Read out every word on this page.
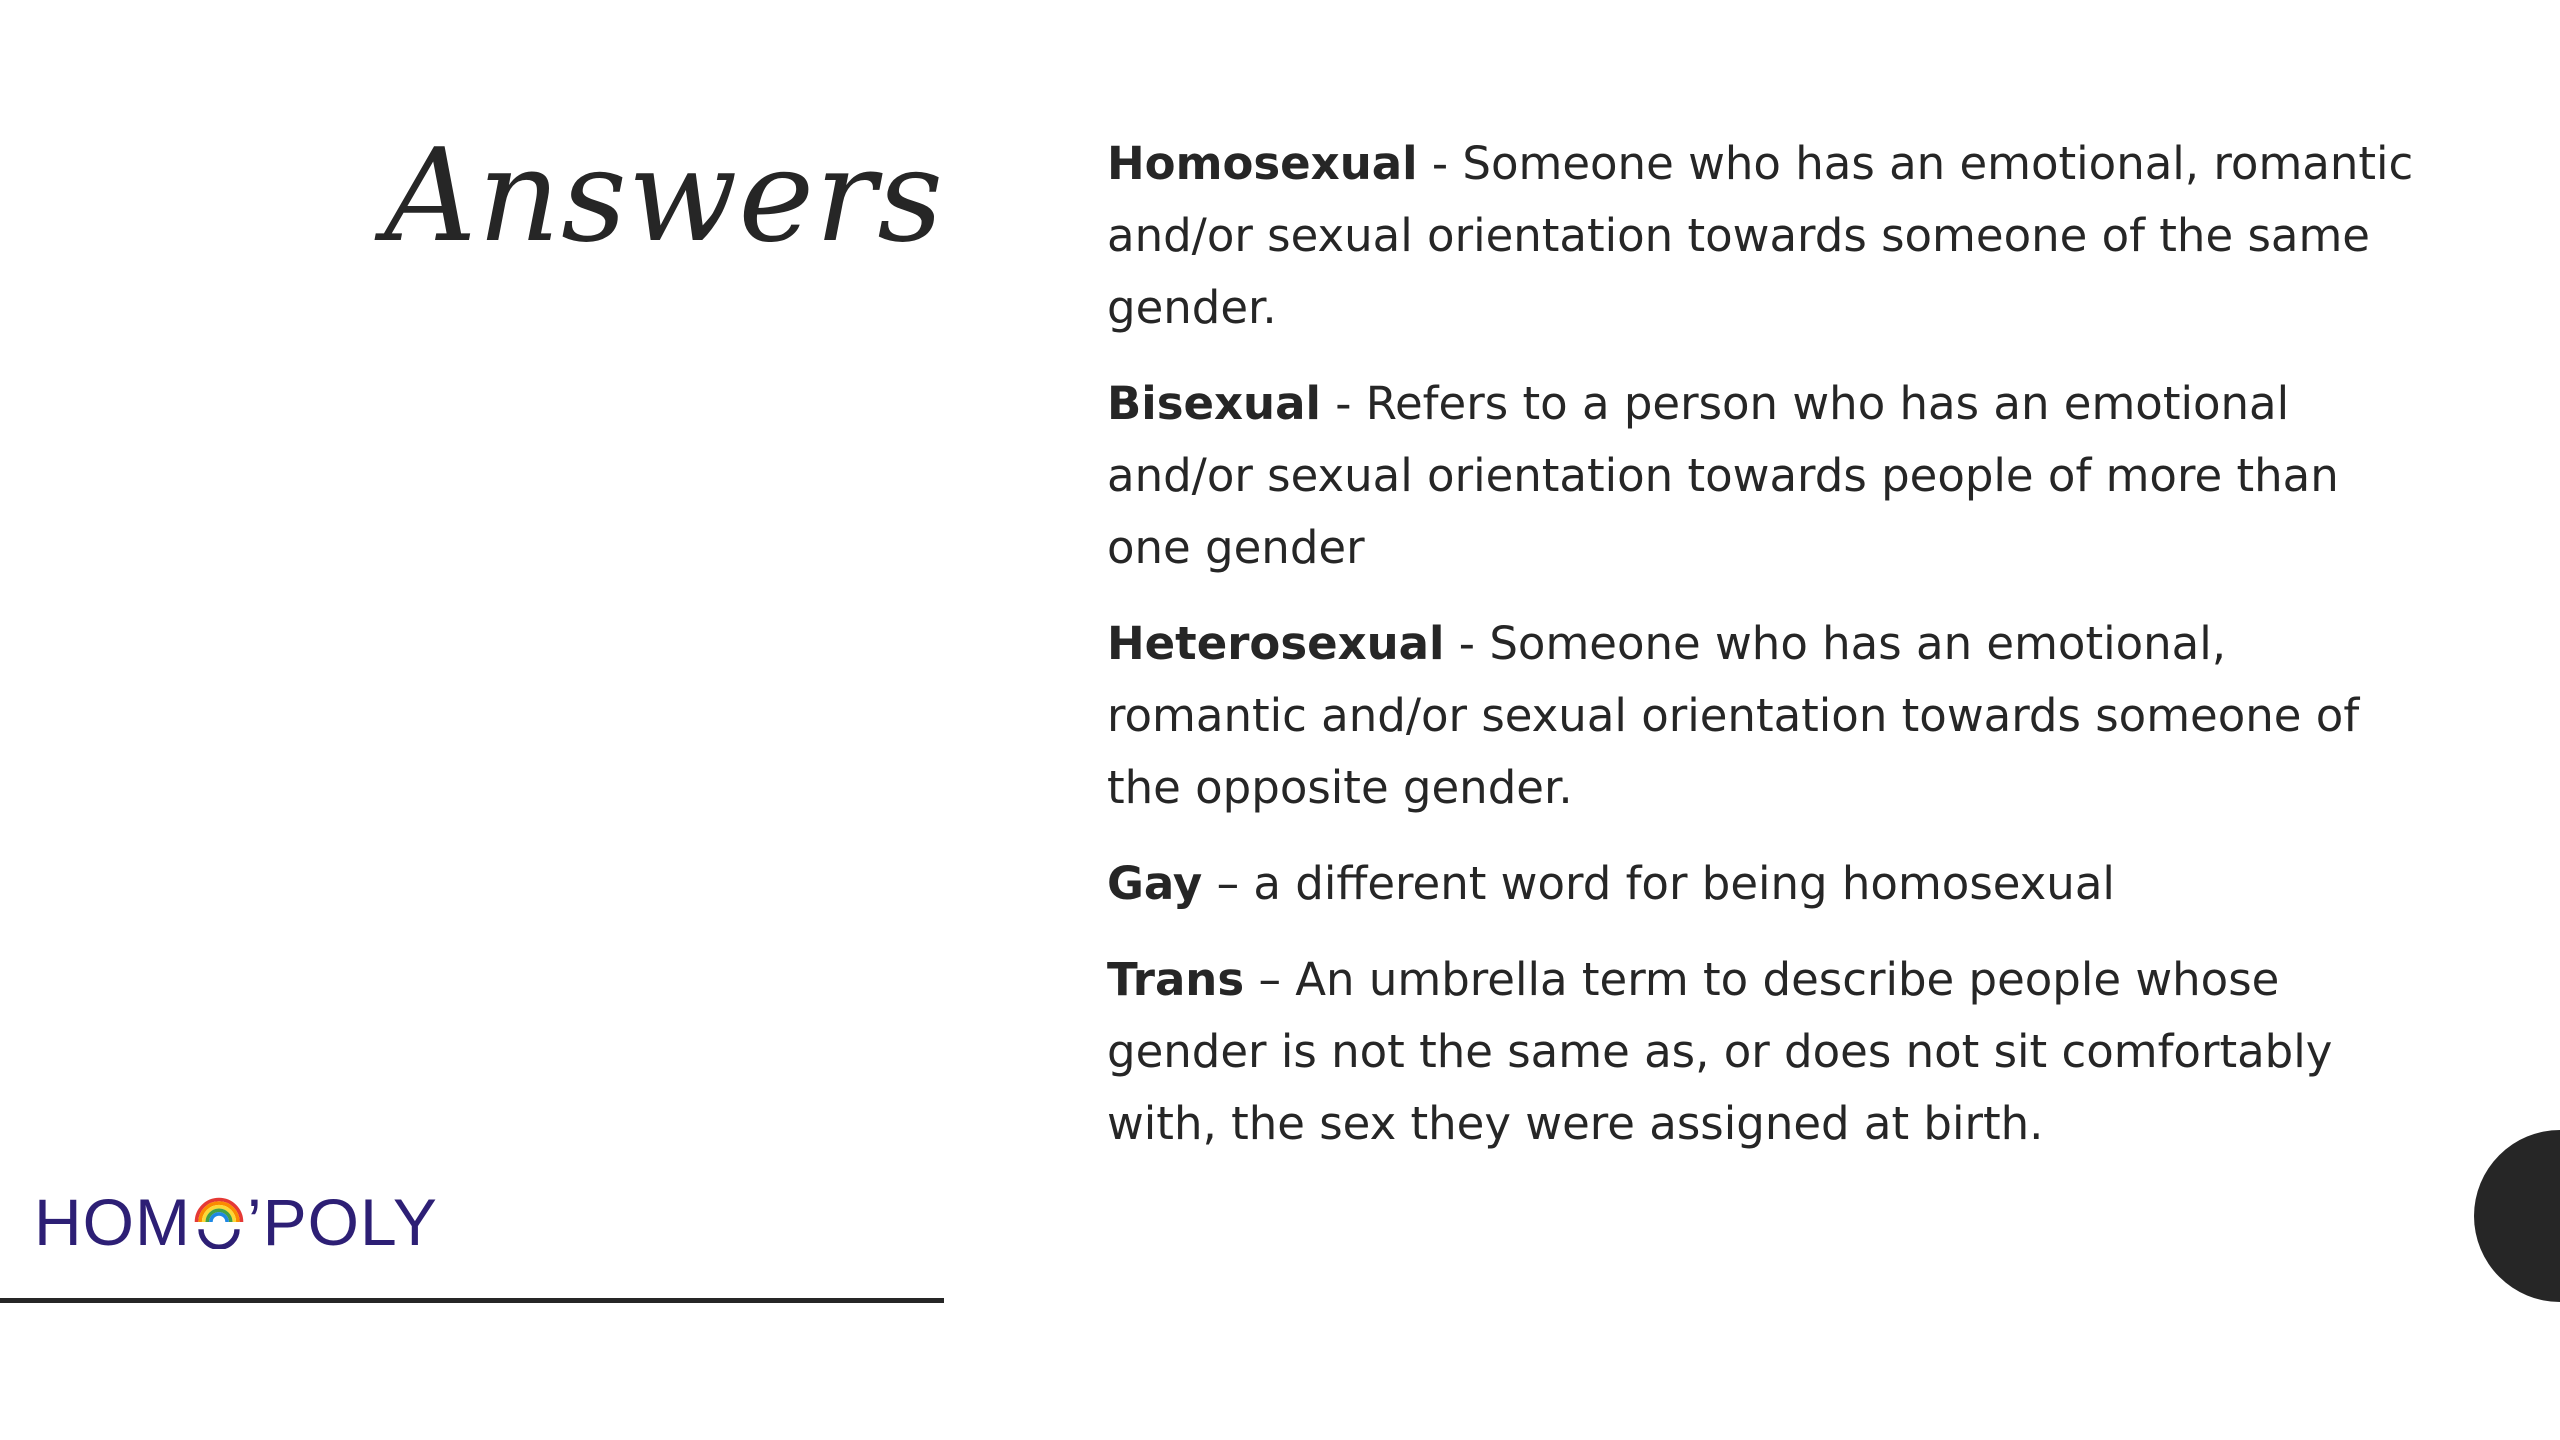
Answers	Homosexual - Someone who has an emotional, romantic and/or sexual orientation towards someone of the same gender.

Bisexual - Refers to a person who has an emotional and/or sexual orientation towards people of more than one gender

Heterosexual - Someone who has an emotional, romantic and/or sexual orientation towards someone of the opposite gender.

Gay – a different word for being homosexual

Trans – An umbrella term to describe people whose gender is not the same as, or does not sit comfortably with, the sex they were assigned at birth.

HOM ’POLY
